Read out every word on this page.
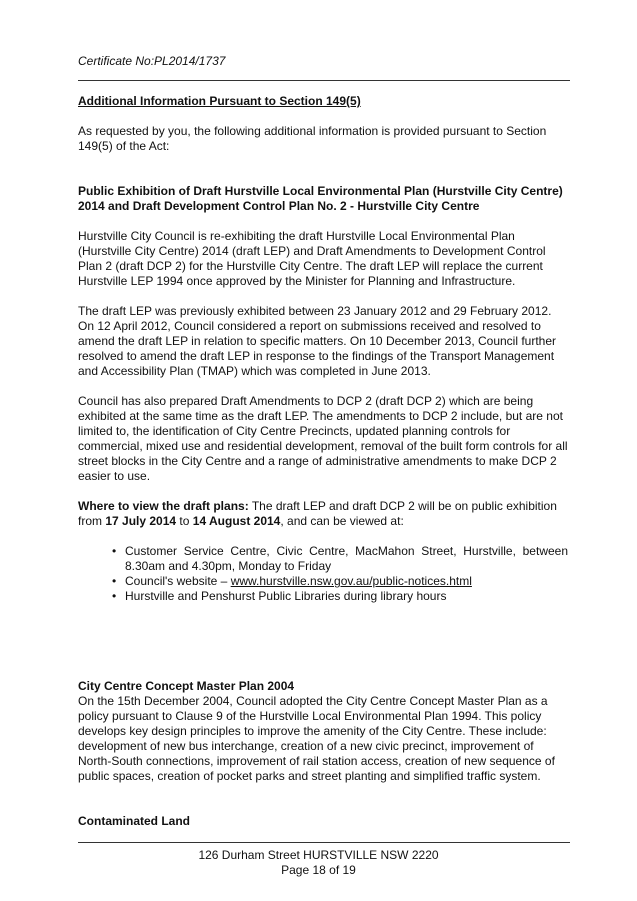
Certificate No:PL2014/1737

Additional Information Pursuant to Section 149(5)

As requested by you, the following additional information is provided pursuant to Section 149(5) of the Act:

Public Exhibition of Draft Hurstville Local Environmental Plan (Hurstville City Centre) 2014 and Draft Development Control Plan No. 2 - Hurstville City Centre

Hurstville City Council is re-exhibiting the draft Hurstville Local Environmental Plan (Hurstville City Centre) 2014 (draft LEP) and Draft Amendments to Development Control Plan 2 (draft DCP 2) for the Hurstville City Centre. The draft LEP will replace the current Hurstville LEP 1994 once approved by the Minister for Planning and Infrastructure.

The draft LEP was previously exhibited between 23 January 2012 and 29 February 2012. On 12 April 2012, Council considered a report on submissions received and resolved to amend the draft LEP in relation to specific matters. On 10 December 2013, Council further resolved to amend the draft LEP in response to the findings of the Transport Management and Accessibility Plan (TMAP) which was completed in June 2013.

Council has also prepared Draft Amendments to DCP 2 (draft DCP 2) which are being exhibited at the same time as the draft LEP. The amendments to DCP 2 include, but are not limited to, the identification of City Centre Precincts, updated planning controls for commercial, mixed use and residential development, removal of the built form controls for all street blocks in the City Centre and a range of administrative amendments to make DCP 2 easier to use.

Where to view the draft plans: The draft LEP and draft DCP 2 will be on public exhibition from 17 July 2014 to 14 August 2014, and can be viewed at:

• Customer Service Centre, Civic Centre, MacMahon Street, Hurstville, between 8.30am and 4.30pm, Monday to Friday
• Council's website – www.hurstville.nsw.gov.au/public-notices.html
• Hurstville and Penshurst Public Libraries during library hours

City Centre Concept Master Plan 2004

On the 15th December 2004, Council adopted the City Centre Concept Master Plan as a policy pursuant to Clause 9 of the Hurstville Local Environmental Plan 1994. This policy develops key design principles to improve the amenity of the City Centre. These include: development of new bus interchange, creation of a new civic precinct, improvement of North-South connections, improvement of rail station access, creation of new sequence of public spaces, creation of pocket parks and street planting and simplified traffic system.

Contaminated Land

126 Durham Street HURSTVILLE NSW 2220
Page 18 of 19
